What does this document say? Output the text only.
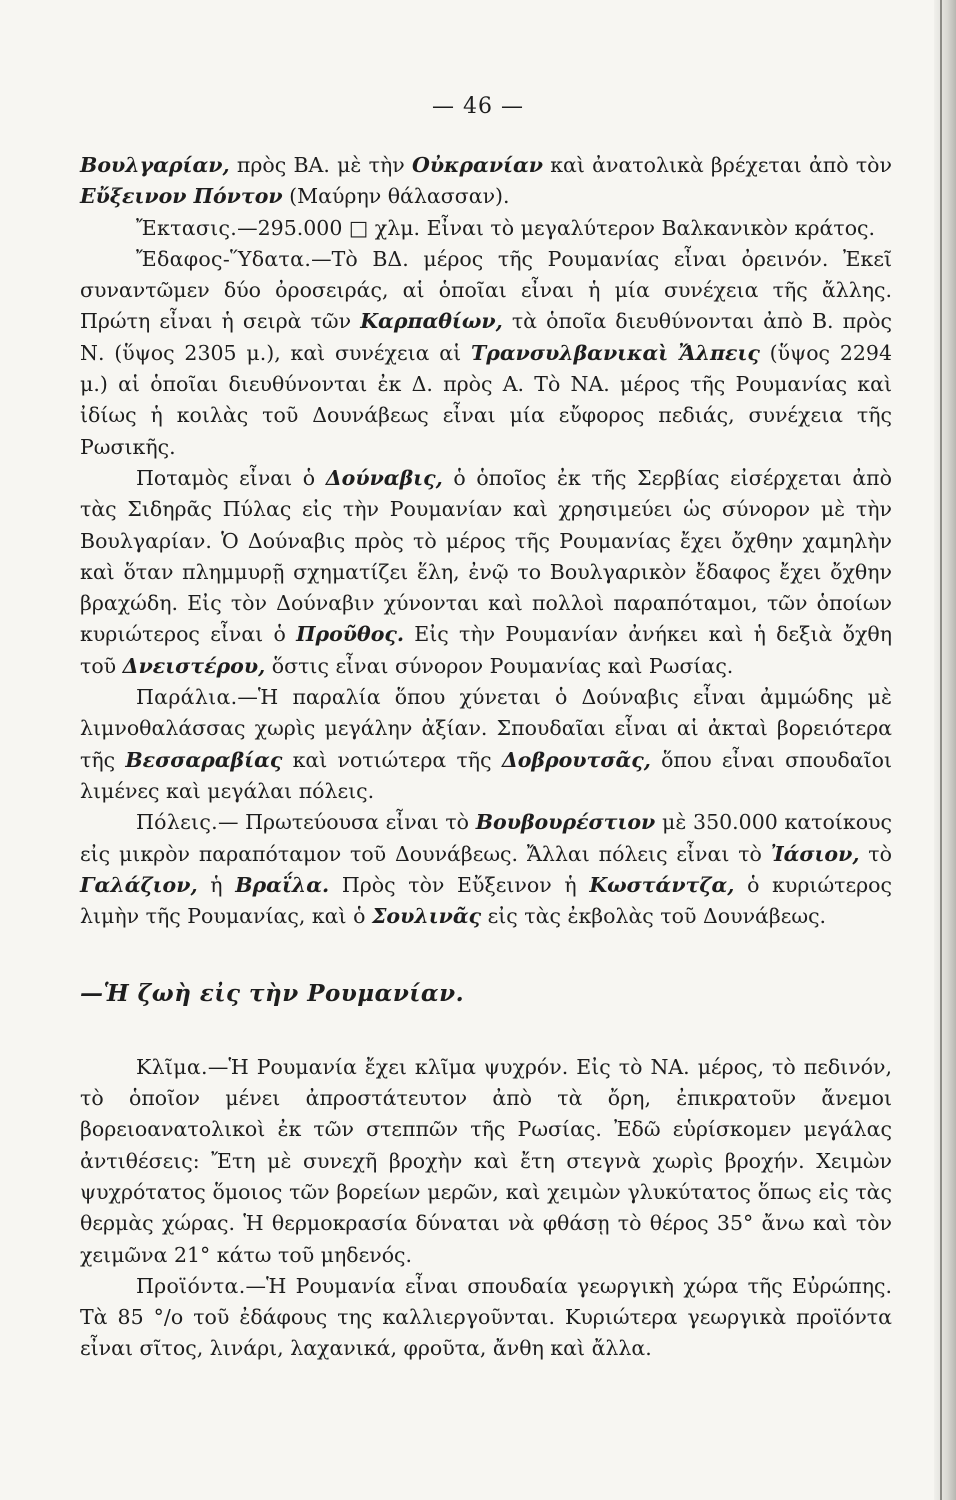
— 46 —

Βουλγαρίαν, πρὸς ΒΑ. μὲ τὴν Οὐκρανίαν καὶ ἀνατολικὰ βρέχεται ἀπὸ τὸν Εὔξεινον Πόντον (Μαύρην θάλασσαν).

Ἔκτασις.—295.000 □ χλμ. Εἶναι τὸ μεγαλύτερον Βαλκανικὸν κράτος.

Ἔδαφος-Ὕδατα.—Τὸ ΒΔ. μέρος τῆς Ρουμανίας εἶναι ὀρεινόν. Ἐκεῖ συναντῶμεν δύο ὀροσειράς, αἱ ὁποῖαι εἶναι ἡ μία συνέχεια τῆς ἄλλης. Πρώτη εἶναι ἡ σειρὰ τῶν Καρπαθίων, τὰ ὁποῖα διευθύνονται ἀπὸ Β. πρὸς Ν. (ὕψος 2305 μ.), καὶ συνέχεια αἱ Τρανσυλβανικαὶ Ἄλπεις (ὕψος 2294 μ.) αἱ ὁποῖαι διευθύνονται ἐκ Δ. πρὸς Α. Τὸ ΝΑ. μέρος τῆς Ρουμανίας καὶ ἰδίως ἡ κοιλὰς τοῦ Δουνάβεως εἶναι μία εὔφορος πεδιάς, συνέχεια τῆς Ρωσικῆς.

Ποταμὸς εἶναι ὁ Δούναβις, ὁ ὁποῖος ἐκ τῆς Σερβίας εἰσέρχεται ἀπὸ τὰς Σιδηρᾶς Πύλας εἰς τὴν Ρουμανίαν καὶ χρησιμεύει ὡς σύνορον μὲ τὴν Βουλγαρίαν. Ὁ Δούναβις πρὸς τὸ μέρος τῆς Ρουμανίας ἔχει ὄχθην χαμηλὴν καὶ ὅταν πλημμυρῇ σχηματίζει ἕλη, ἐνῷ το Βουλγαρικὸν ἔδαφος ἔχει ὄχθην βραχώδη. Εἰς τὸν Δούναβιν χύνονται καὶ πολλοὶ παραπόταμοι, τῶν ὁποίων κυριώτερος εἶναι ὁ Προῦθος. Εἰς τὴν Ρουμανίαν ἀνήκει καὶ ἡ δεξιὰ ὄχθη τοῦ Δνειστέρου, ὅστις εἶναι σύνορον Ρουμανίας καὶ Ρωσίας.

Παράλια.—Ἡ παραλία ὅπου χύνεται ὁ Δούναβις εἶναι ἀμμώδης μὲ λιμνοθαλάσσας χωρὶς μεγάλην ἀξίαν. Σπουδαῖαι εἶναι αἱ ἀκταὶ βορειότερα τῆς Βεσσαραβίας καὶ νοτιώτερα τῆς Δοβρουτσᾶς, ὅπου εἶναι σπουδαῖοι λιμένες καὶ μεγάλαι πόλεις.

Πόλεις.— Πρωτεύουσα εἶναι τὸ Βουβουρέστιον μὲ 350.000 κατοίκους εἰς μικρὸν παραπόταμον τοῦ Δουνάβεως. Ἄλλαι πόλεις εἶναι τὸ Ἰάσιον, τὸ Γαλάζιον, ἡ Βραΐλα. Πρὸς τὸν Εὔξεινον ἡ Κωστάντζα, ὁ κυριώτερος λιμὴν τῆς Ρουμανίας, καὶ ὁ Σουλινᾶς εἰς τὰς ἐκβολὰς τοῦ Δουνάβεως.

—Ἡ ζωὴ εἰς τὴν Ρουμανίαν.

Κλῖμα.—Ἡ Ρουμανία ἔχει κλῖμα ψυχρόν. Εἰς τὸ ΝΑ. μέρος, τὸ πεδινόν, τὸ ὁποῖον μένει ἀπροστάτευτον ἀπὸ τὰ ὄρη, ἐπικρατοῦν ἄνεμοι βορειοανατολικοὶ ἐκ τῶν στεππῶν τῆς Ρωσίας. Ἐδῶ εὑρίσκομεν μεγάλας ἀντιθέσεις: Ἔτη μὲ συνεχῆ βροχὴν καὶ ἔτη στεγνὰ χωρὶς βροχήν. Χειμὼν ψυχρότατος ὅμοιος τῶν βορείων μερῶν, καὶ χειμὼν γλυκύτατος ὅπως εἰς τὰς θερμὰς χώρας. Ἡ θερμοκρασία δύναται νὰ φθάσῃ τὸ θέρος 35° ἄνω καὶ τὸν χειμῶνα 21° κάτω τοῦ μηδενός.

Προϊόντα.—Ἡ Ρουμανία εἶναι σπουδαία γεωργικὴ χώρα τῆς Εὐρώπης. Τὰ 85 °/o τοῦ ἐδάφους της καλλιεργοῦνται. Κυριώτερα γεωργικὰ προϊόντα εἶναι σῖτος, λινάρι, λαχανικά, φροῦτα, ἄνθη καὶ ἄλλα.
